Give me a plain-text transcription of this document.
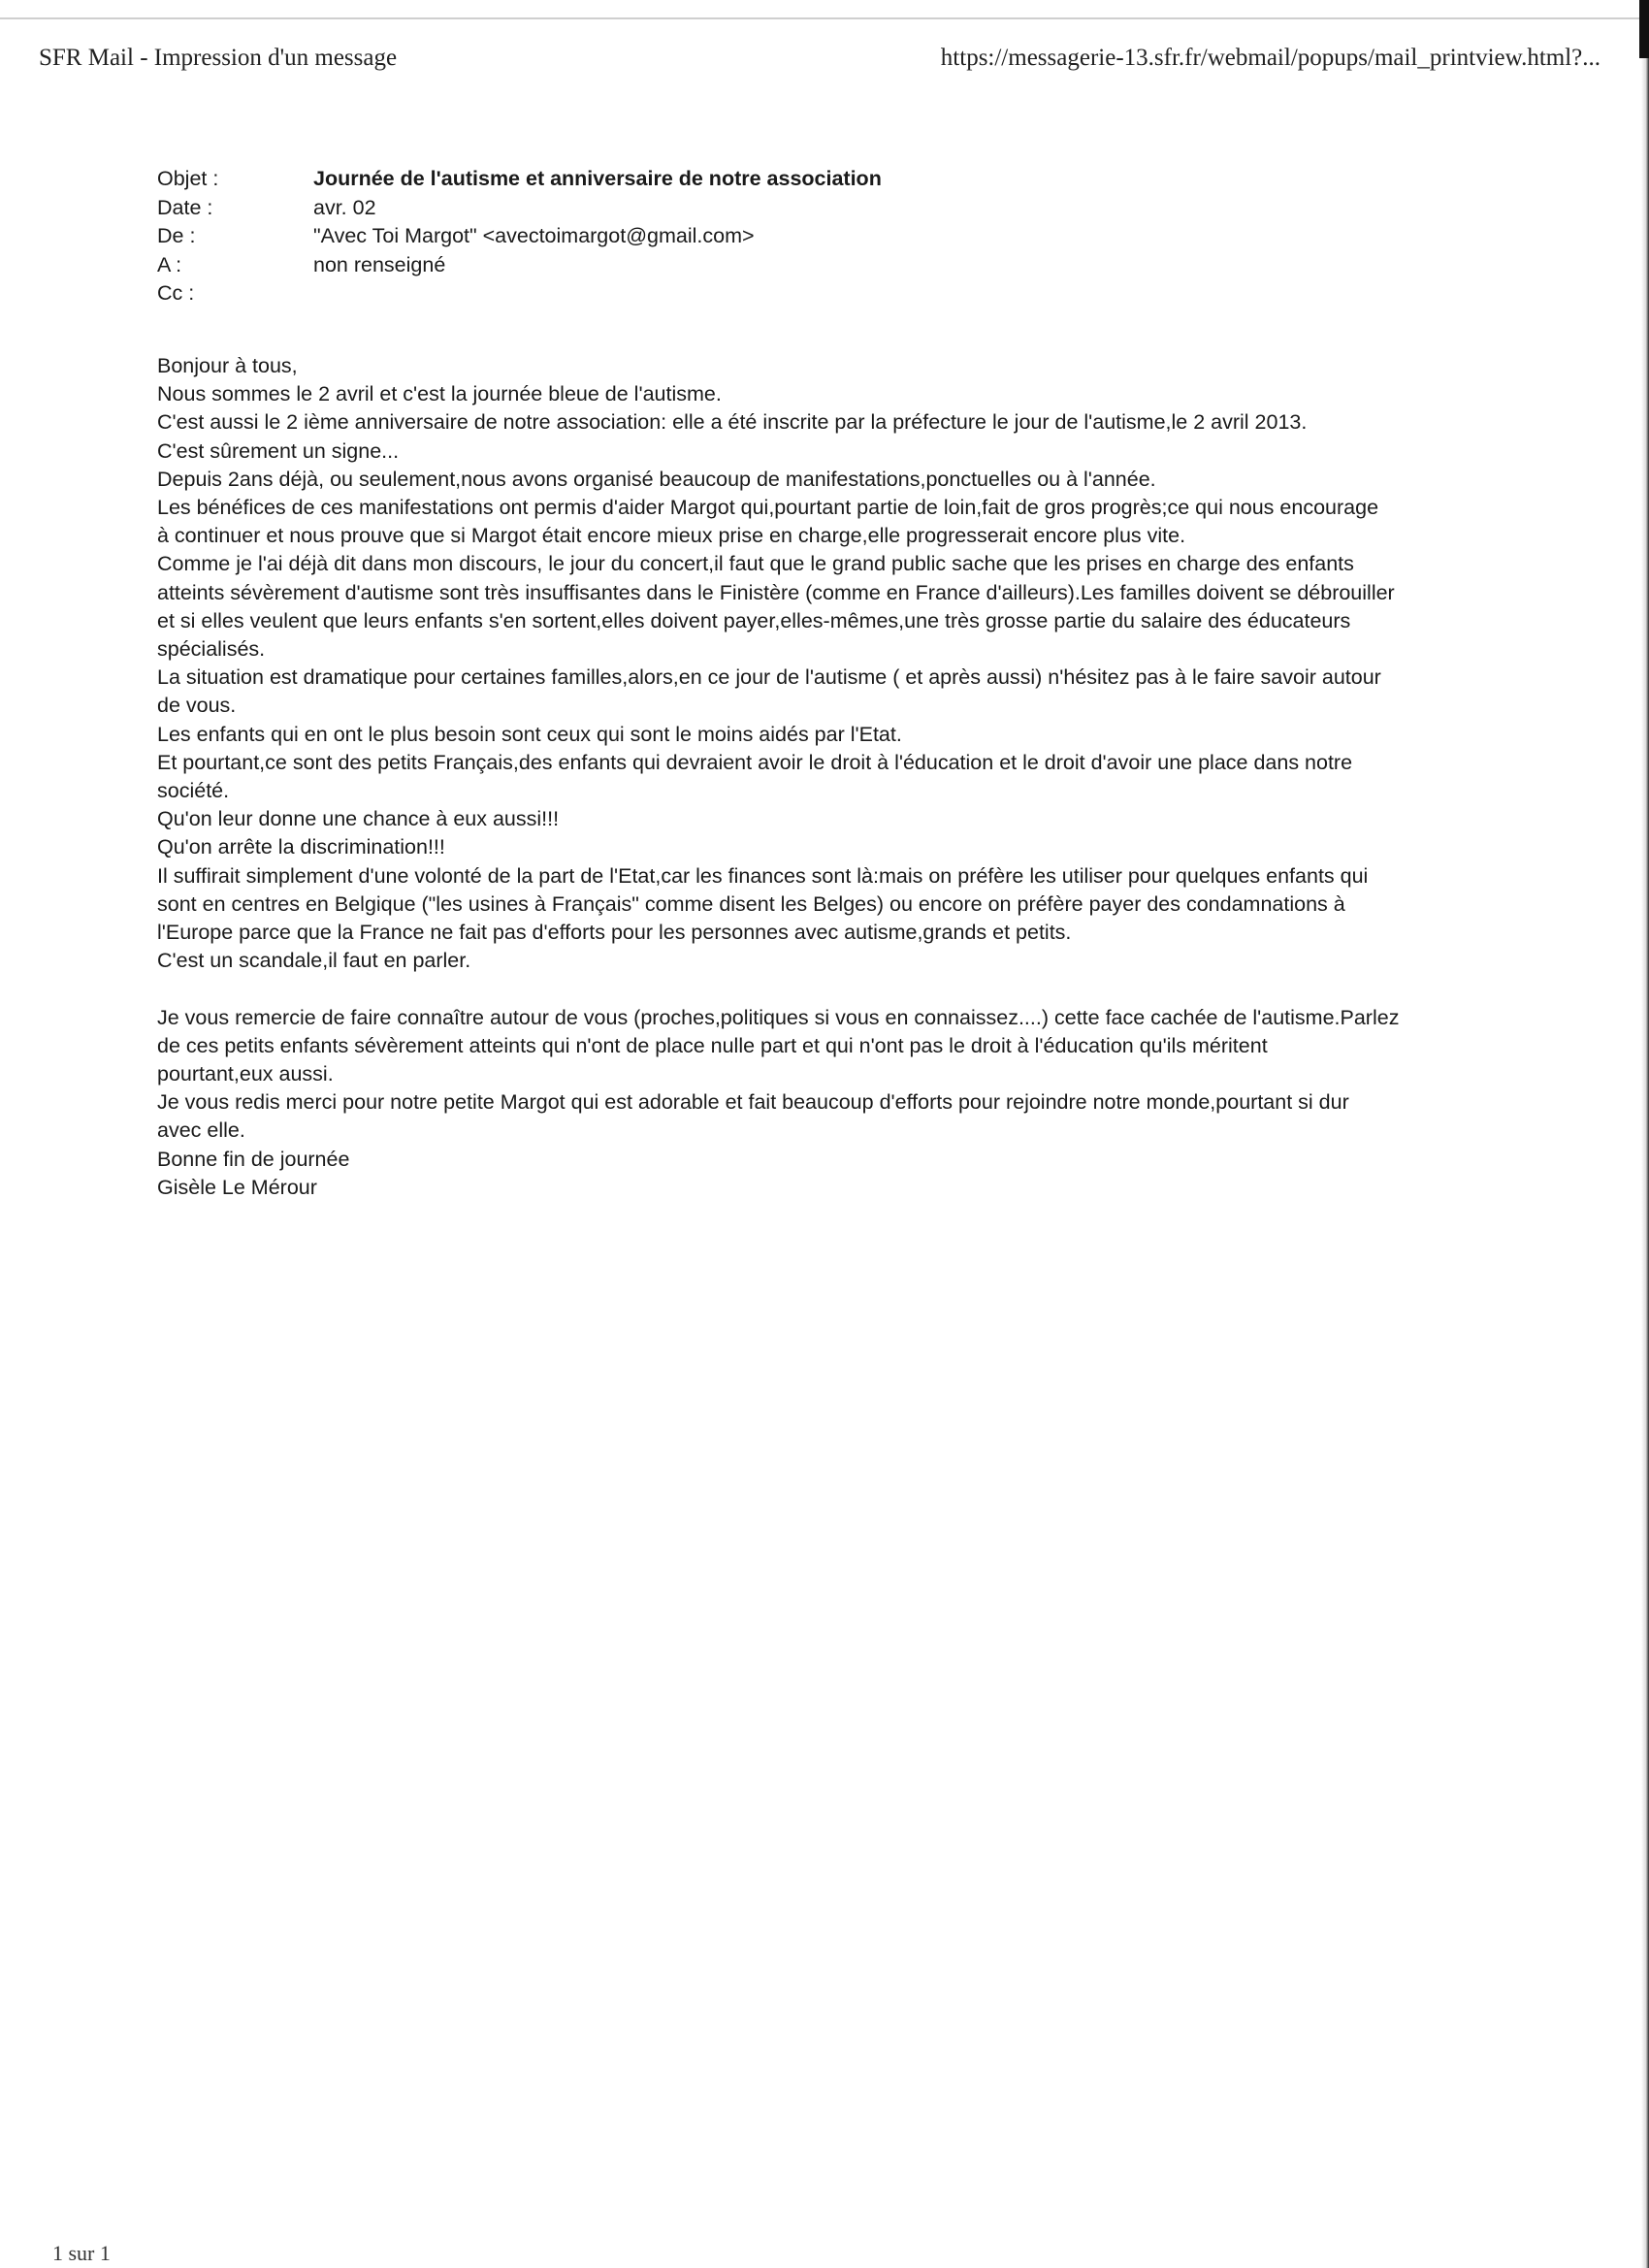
SFR Mail - Impression d'un message	https://messagerie-13.sfr.fr/webmail/popups/mail_printview.html?...
Objet :	Journée de l'autisme et anniversaire de notre association
Date :	avr. 02
De :	"Avec Toi Margot" <avectoimargot@gmail.com>
A :	non renseigné
Cc :

Bonjour à tous,

Nous sommes le 2 avril et c'est la journée bleue de l'autisme.

C'est aussi le 2 ième anniversaire de notre association: elle a été inscrite par la préfecture le jour de l'autisme,le 2 avril 2013.

C'est sûrement un signe...

Depuis 2ans déjà, ou seulement,nous avons organisé beaucoup de manifestations,ponctuelles ou à l'année.

Les bénéfices de ces manifestations ont permis d'aider Margot qui,pourtant partie de loin,fait de gros progrès;ce qui nous encourage

à continuer et nous prouve que si Margot était encore mieux prise en charge,elle progresserait encore plus vite.

Comme je l'ai déjà dit dans mon discours, le jour du concert,il faut que le grand public sache que les prises en charge des enfants

atteints sévèrement d'autisme sont très insuffisantes dans le Finistère (comme en France d'ailleurs).Les familles doivent se débrouiller

et si elles veulent que leurs enfants s'en sortent,elles doivent payer,elles-mêmes,une très grosse partie du salaire des éducateurs

spécialisés.

La situation est dramatique pour certaines familles,alors,en ce jour de l'autisme ( et après aussi) n'hésitez pas à le faire savoir autour

de vous.

Les enfants qui en ont le plus besoin sont ceux qui sont le moins aidés par l'Etat.

Et pourtant,ce sont des petits Français,des enfants qui devraient avoir le droit à l'éducation et le droit d'avoir une place dans notre

société.

Qu'on leur donne une chance à eux aussi!!!

Qu'on arrête la discrimination!!!

Il suffirait simplement d'une volonté de la part de l'Etat,car les finances sont là:mais on préfère les utiliser pour quelques enfants qui

sont en centres en Belgique ("les usines à Français" comme disent les Belges) ou encore on préfère payer des condamnations à

l'Europe parce que la France ne fait pas d'efforts pour les personnes avec autisme,grands et petits.

C'est un scandale,il faut en parler.

Je vous remercie de faire connaître autour de vous (proches,politiques si vous en connaissez....) cette face cachée de l'autisme.Parlez

de ces petits enfants sévèrement atteints qui n'ont de place nulle part et qui n'ont pas le droit à l'éducation qu'ils méritent

pourtant,eux aussi.

Je vous redis merci pour notre petite Margot qui est adorable et fait beaucoup d'efforts pour rejoindre notre monde,pourtant si dur

avec elle.

Bonne fin de journée

Gisèle Le Mérour

1 sur 1
